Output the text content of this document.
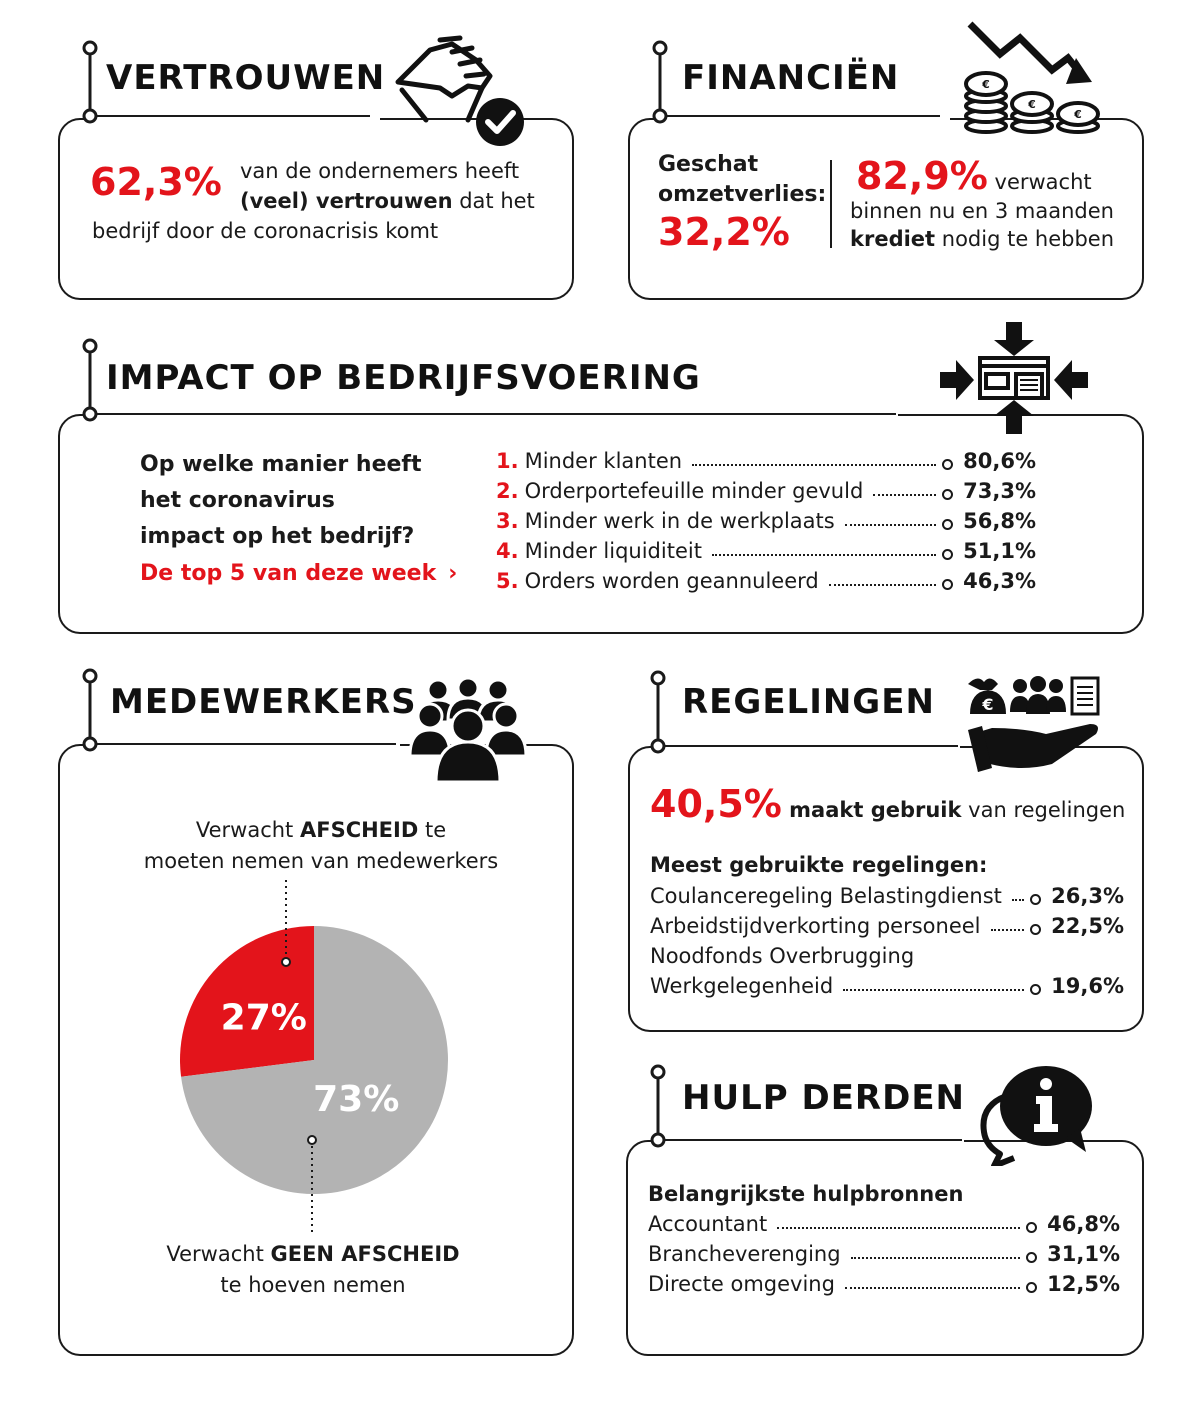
VERTROUWEN
62,3% van de ondernemers heeft
(veel) vertrouwen dat het
bedrijf door de coronacrisis komt
FINANCIËN	€
€
€
Geschat
omzetverlies:
32,2%
82,9% verwacht
binnen nu en 3 maanden
krediet nodig te hebben
IMPACT OP BEDRIJFSVOERING
Op welke manier heeft
het coronavirus
impact op het bedrijf?
De top 5 van deze week ›
1. Minder klanten	80,6%
2. Orderportefeuille minder gevuld	73,3%
3. Minder werk in de werkplaats	56,8%
4. Minder liquiditeit	51,1%
5. Orders worden geannuleerd	46,3%
MEDEWERKERS
Verwacht AFSCHEID te
moeten nemen van medewerkers
27%
73%
Verwacht GEEN AFSCHEID
te hoeven nemen
REGELINGEN	€
40,5% maakt gebruik van regelingen
Meest gebruikte regelingen:
Coulanceregeling Belastingdienst 26,3%
Arbeidstijdverkorting personeel	22,5%
Noodfonds Overbrugging
Werkgelegenheid	19,6%
HULP DERDEN
Belangrijkste hulpbronnen
Accountant	46,8%
Brancheverenging	31,1%
Directe omgeving	12,5%
